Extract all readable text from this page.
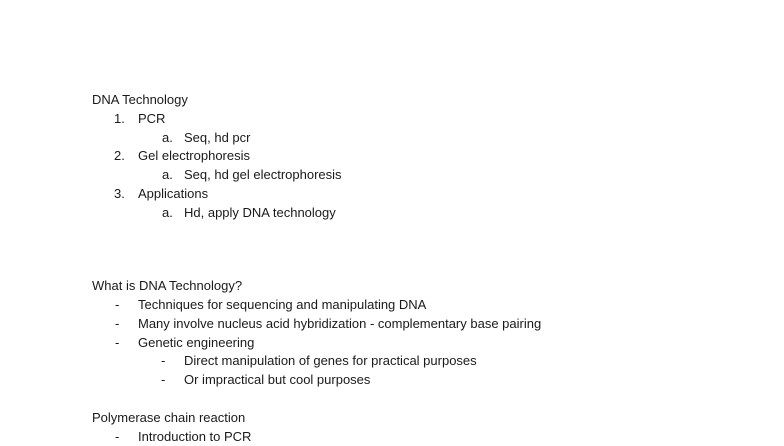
DNA Technology
1. PCR
a. Seq, hd pcr
2. Gel electrophoresis
a. Seq, hd gel electrophoresis
3. Applications
a. Hd, apply DNA technology
What is DNA Technology?
- Techniques for sequencing and manipulating DNA
- Many involve nucleus acid hybridization - complementary base pairing
- Genetic engineering
- Direct manipulation of genes for practical purposes
- Or impractical but cool purposes
Polymerase chain reaction
- Introduction to PCR
